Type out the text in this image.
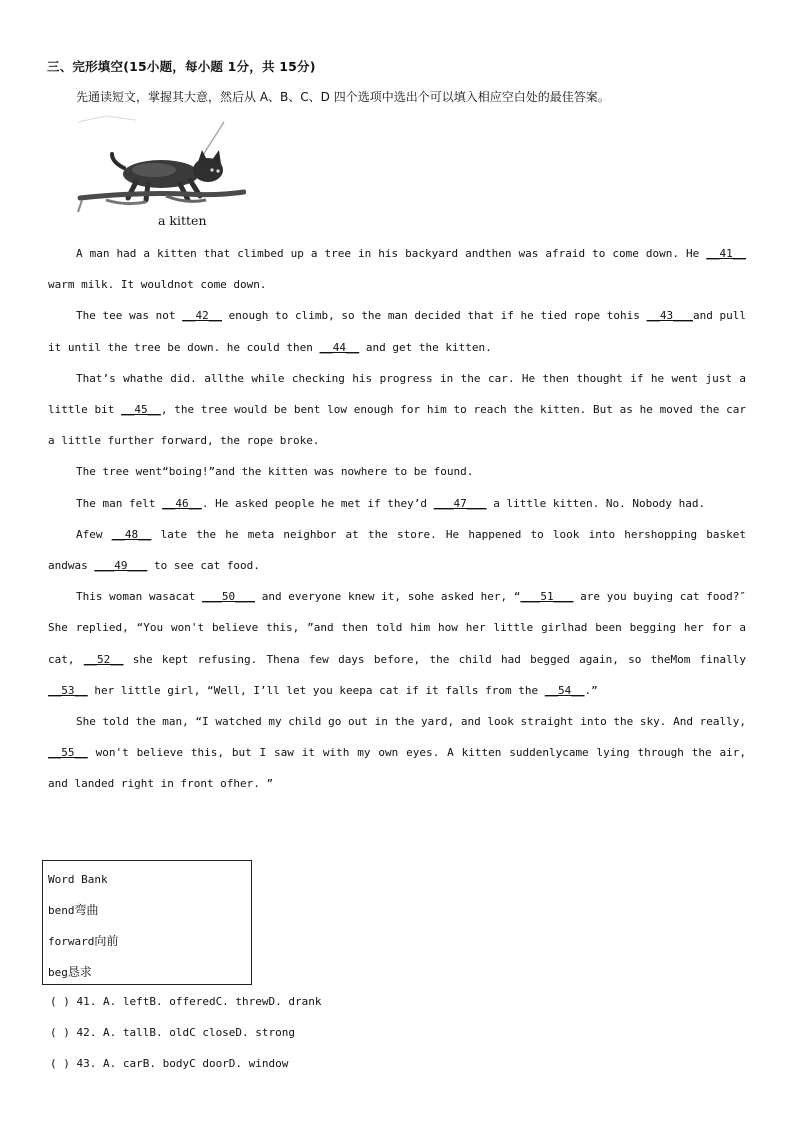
三、完形填空(15小题，每小题 1分，共 15分)
先通读短文，掌握其大意，然后从 A、B、C、D 四个选项中选出个可以填入相应空白处的最佳答案。
a kitten

A man had a kitten that climbed up a tree in his backyard andthen was afraid to come down. He __41__ warm milk. It wouldnot come down.

The tee was not __42__ enough to climb, so the man decided that if he tied rope tohis __43___and pull it until the tree be down. he could then __44__ and get the kitten.

That’s whathe did. allthe while checking his progress in the car. He then thought if he went just a little bit __45__, the tree would be bent low enough for him to reach the kitten. But as he moved the car a little further forward, the rope broke.

The tree went“boing!”and the kitten was nowhere to be found.

The man felt __46__. He asked people he met if they’d ___47___ a little kitten. No. Nobody had.

Afew __48__ late the he meta neighbor at the store. He happened to look into hershopping basket andwas ___49___ to see cat food.

This woman wasacat ___50___ and everyone knew it, sohe asked her, “___51___ are you buying cat food?″ She replied, “You won't believe this, ”and then told him how her little girlhad been begging her for a cat, __52__ she kept refusing. Thena few days before, the child had begged again, so theMom finally __53__ her little girl, “Well, I’ll let you keepa cat if it falls from the __54__.”

She told the man, “I watched my child go out in the yard, and look straight into the sky. And really, __55__ won't believe this, but I saw it with my own eyes. A kitten suddenlycame lying through the air, and landed right in front ofher. ”

Word Bank
bend弯曲
forward向前
beg恳求
( ) 41. A. leftB. offeredC. threwD. drank
( ) 42. A. tallB. oldC closeD. strong
( ) 43. A. carB. bodyC doorD. window
